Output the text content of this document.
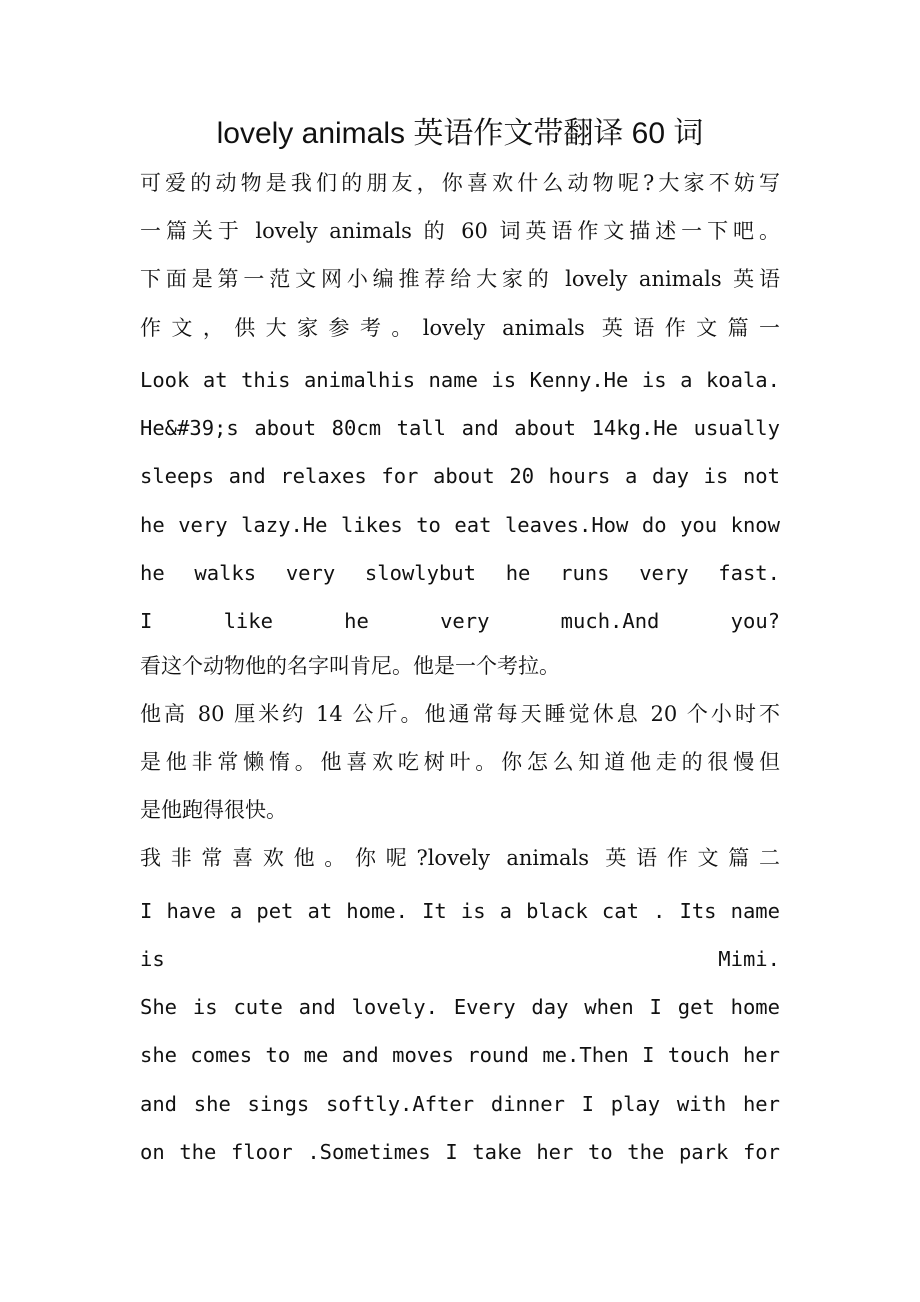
lovely animals 英语作文带翻译 60 词
可爱的动物是我们的朋友，你喜欢什么动物呢?大家不妨写
一篇关于 lovely animals 的 60 词英语作文描述一下吧。
下面是第一范文网小编推荐给大家的 lovely animals 英语
作文，供大家参考。lovely animals 英语作文篇一
Look at this animalhis name is Kenny.He is a koala.
He&#39;s about 80cm tall and about 14kg.He usually
sleeps and relaxes for about 20 hours a day is not
he very lazy.He likes to eat leaves.How do you know
he walks very slowlybut he runs very fast.
I like he very much.And you?
看这个动物他的名字叫肯尼。他是一个考拉。
他高 80 厘米约 14 公斤。他通常每天睡觉休息 20 个小时不
是他非常懒惰。他喜欢吃树叶。你怎么知道他走的很慢但
是他跑得很快。
我非常喜欢他。你呢?lovely animals 英语作文篇二
I have a pet at home. It is a black cat . Its name
is Mimi.
She is cute and lovely. Every day when I get home
she comes to me and moves round me.Then I touch her
and she sings softly.After dinner I play with her
on the floor .Sometimes I take her to the park for
